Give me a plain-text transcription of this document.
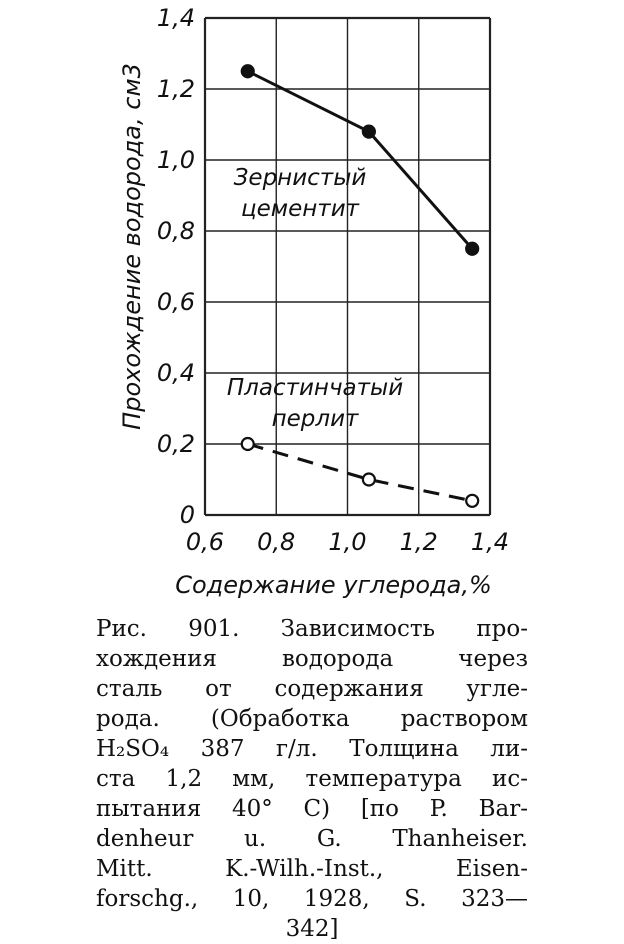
0,6 0,8 1,0 1,2 1,4
0
0,2
0,4
0,6
0,8
1,0
1,2
1,4
Содержание углерода,%
Прохождение водорода, см3	Зернистый
цементит
Пластинчатый
перлит

Рис. 901. Зависимость про-

хождения водорода через

сталь от содержания угле-

рода. (Обработка раствором

H₂SO₄ 387 г/л. Толщина ли-

ста 1,2 мм, температура ис-

пытания 40° С) [по P. Bar-

denheur u. G. Thanheiser.

Mitt. K.-Wilh.-Inst., Eisen-

forschg., 10, 1928, S. 323—

342]
